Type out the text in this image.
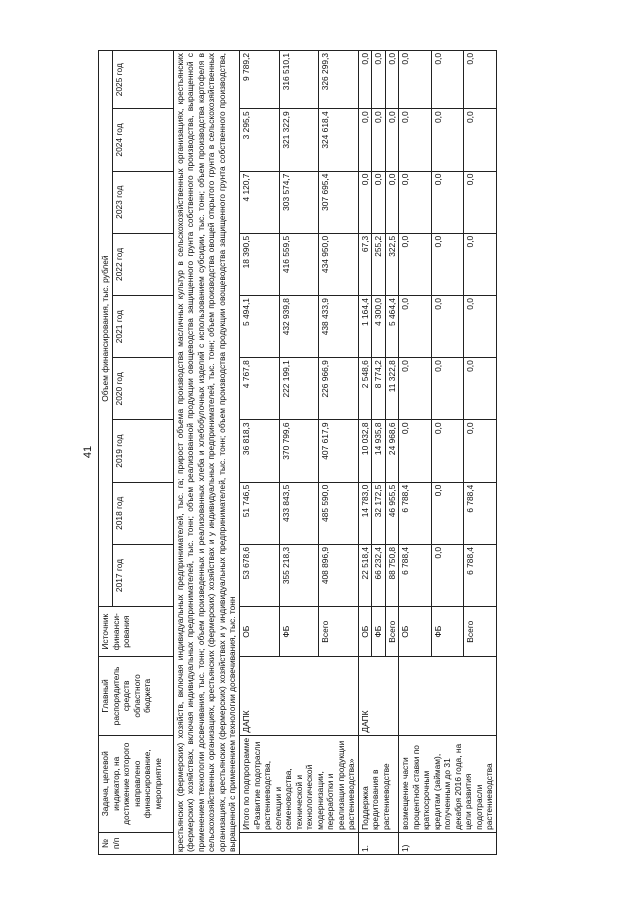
41
№ п/п	Задача, целевой индикатор, на достижение которого направлено финансирование, мероприятие	Главный распорядитель средств областного бюджета	Источник финанси-рования	Объем финансирования, тыс. рублей								
				2017 год	2018 год	2019 год	2020 год	2021 год	2022 год	2023 год	2024 год	2025 год
крестьянских (фермерских) хозяйств, включая индивидуальных предпринимателей, тыс. га; прирост объема производства масличных культур в сельскохозяйственных организациях, крестьянских (фермерских) хозяйствах, включая индивидуальных предпринимателей, тыс. тонн; объем реализованной продукции овощеводства защищенного грунта собственного производства, выращенной с применением технологии досвечивания, тыс. тонн; объем произведенных и реализованных хлеба и хлебобулочных изделий с использованием субсидии, тыс. тонн; объем производства картофеля в сельскохозяйственных организациях, крестьянских (фермерских) хозяйствах и у индивидуальных предпринимателей, тыс. тонн; объем производства овощей открытого грунта в сельскохозяйственных организациях, крестьянских (фермерских) хозяйствах и у индивидуальных предпринимателей, тыс. тонн; объем производства продукции овощеводства защищенного грунта собственного производства, выращенной с применением технологии досвечивания, тыс. тонн												
	Итого по подпрограмме «Развитие подотрасли растениеводства, селекции и семеноводства, технической и технологической модернизации, переработки и реализации продукции растениеводства»	ДАПК	ОБ	53 678,6	51 746,5	36 818,3	4 767,8	5 494,1	18 390,5	4 120,7	3 295,5	9 789,2
			ФБ	355 218,3	433 843,5	370 799,6	222 199,1	432 939,8	416 559,5	303 574,7	321 322,9	316 510,1
			Всего	408 896,9	485 590,0	407 617,9	226 966,9	438 433,9	434 950,0	307 695,4	324 618,4	326 299,3
1.	Поддержка кредитования в растениеводстве	ДАПК	ОБ	22 518,4	14 783,0	10 032,8	2 548,6	1 164,4	67,3	0,0	0,0	0,0
			ФБ	66 232,4	32 172,5	14 935,8	8 774,2	4 300,0	255,2	0,0	0,0	0,0
			Всего	88 750,8	46 955,5	24 968,6	11 322,8	5 464,4	322,5	0,0	0,0	0,0
1)	возмещение части процентной ставки по краткосрочным кредитам (займам), полученным до 31 декабря 2016 года, на цели развития подотрасли растениеводства		ОБ	6 788,4	6 788,4	0,0	0,0	0,0	0,0	0,0	0,0	0,0
			ФБ	0,0	0,0	0,0	0,0	0,0	0,0	0,0	0,0	0,0
			Всего	6 788,4	6 788,4	0,0	0,0	0,0	0,0	0,0	0,0	0,0
